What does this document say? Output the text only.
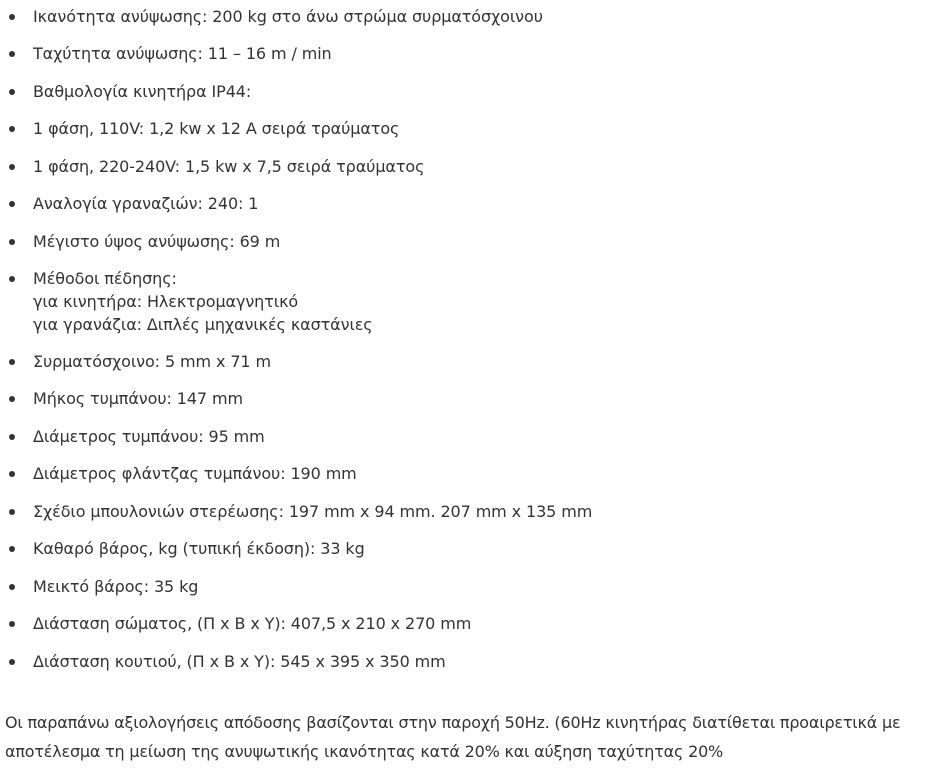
Ικανότητα ανύψωσης: 200 kg στο άνω στρώμα συρματόσχοινου
Ταχύτητα ανύψωσης: 11 – 16 m / min
Βαθμολογία κινητήρα IP44:
1 φάση, 110V: 1,2 kw x 12 A σειρά τραύματος
1 φάση, 220-240V: 1,5 kw x 7,5 σειρά τραύματος
Αναλογία γραναζιών: 240: 1
Μέγιστο ύψος ανύψωσης: 69 m
Μέθοδοι πέδησης:
για κινητήρα: Ηλεκτρομαγνητικό
για γρανάζια: Διπλές μηχανικές καστάνιες
Συρματόσχοινο: 5 mm x 71 m
Μήκος τυμπάνου: 147 mm
Διάμετρος τυμπάνου: 95 mm
Διάμετρος φλάντζας τυμπάνου: 190 mm
Σχέδιο μπουλονιών στερέωσης: 197 mm x 94 mm. 207 mm x 135 mm
Καθαρό βάρος, kg (τυπική έκδοση): 33 kg
Μεικτό βάρος: 35 kg
Διάσταση σώματος, (Π x Β x Υ): 407,5 x 210 x 270 mm
Διάσταση κουτιού, (Π x Β x Υ): 545 x 395 x 350 mm

Οι παραπάνω αξιολογήσεις απόδοσης βασίζονται στην παροχή 50Hz. (60Hz κινητήρας διατίθεται προαιρετικά με
αποτέλεσμα τη μείωση της ανυψωτικής ικανότητας κατά 20% και αύξηση ταχύτητας 20%
